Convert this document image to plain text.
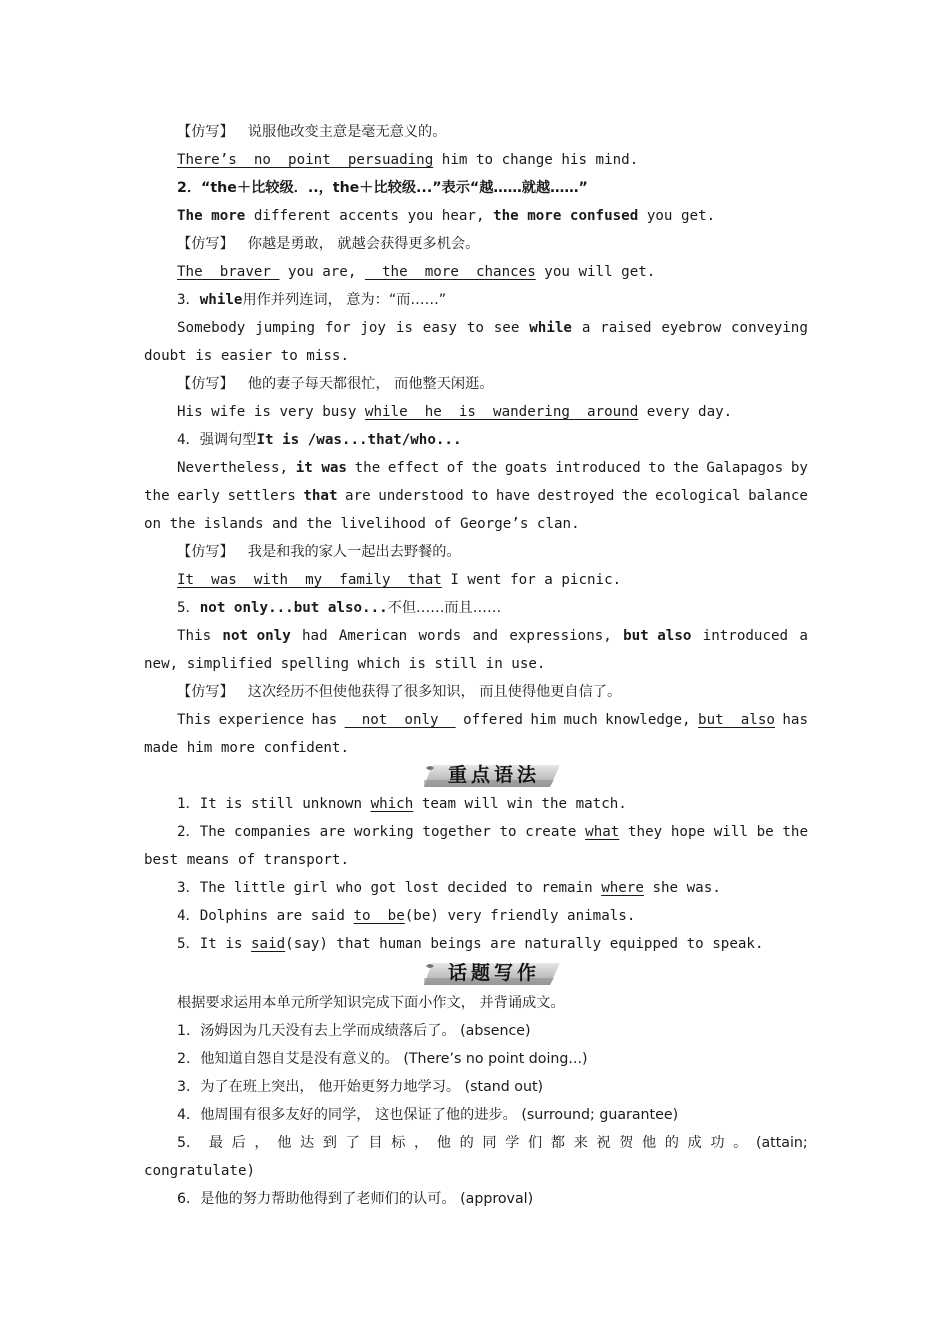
【仿写】 说服他改变主意是毫无意义的。
There’s  no  point  persuading him to change his mind.
2．“the＋比较级．..，the＋比较级...”表示“越……就越……”
The more different accents you hear, the more confused you get.
【仿写】 你越是勇敢， 就越会获得更多机会。
The  braver  you are,   the  more  chances you will get.
3．while用作并列连词， 意为：“而……”
Somebody jumping for joy is easy to see while a raised eyebrow conveying
doubt is easier to miss.
【仿写】 他的妻子每天都很忙， 而他整天闲逛。
His wife is very busy while  he  is  wandering  around every day.
4．强调句型It is /was...that/who...
Nevertheless, it was the effect of the goats introduced to the Galapagos by
the early settlers that are understood to have destroyed the ecological balance
on the islands and the livelihood of George’s clan.
【仿写】 我是和我的家人一起出去野餐的。
It  was  with  my  family  that I went for a picnic.
5．not only...but also...不但……而且……
This not only had American words and expressions, but also introduced a
new, simplified spelling which is still in use.
【仿写】 这次经历不但使他获得了很多知识， 而且使得他更自信了。
This experience has not  only offered him much knowledge, but  also has
made him more confident.
重点语法
1．It is still unknown which team will win the match.
2．The companies are working together to create what they hope will be the
best means of transport.
3．The little girl who got lost decided to remain where she was.
4．Dolphins are said to  be(be) very friendly animals.
5．It is said(say) that human beings are naturally equipped to speak.
话题写作
根据要求运用本单元所学知识完成下面小作文， 并背诵成文。
1．汤姆因为几天没有去上学而成绩落后了。 (absence)
2．他知道自怨自艾是没有意义的。 (There’s no point doing...)
3．为了在班上突出， 他开始更努力地学习。 (stand out)
4．他周围有很多友好的同学， 这也保证了他的进步。 (surround; guarantee)
5． 最 后 ， 他 达 到 了 目 标 ， 他 的 同 学 们 都 来 祝 贺 他 的 成 功 。 (attain;
congratulate)
6．是他的努力帮助他得到了老师们的认可。 (approval)
